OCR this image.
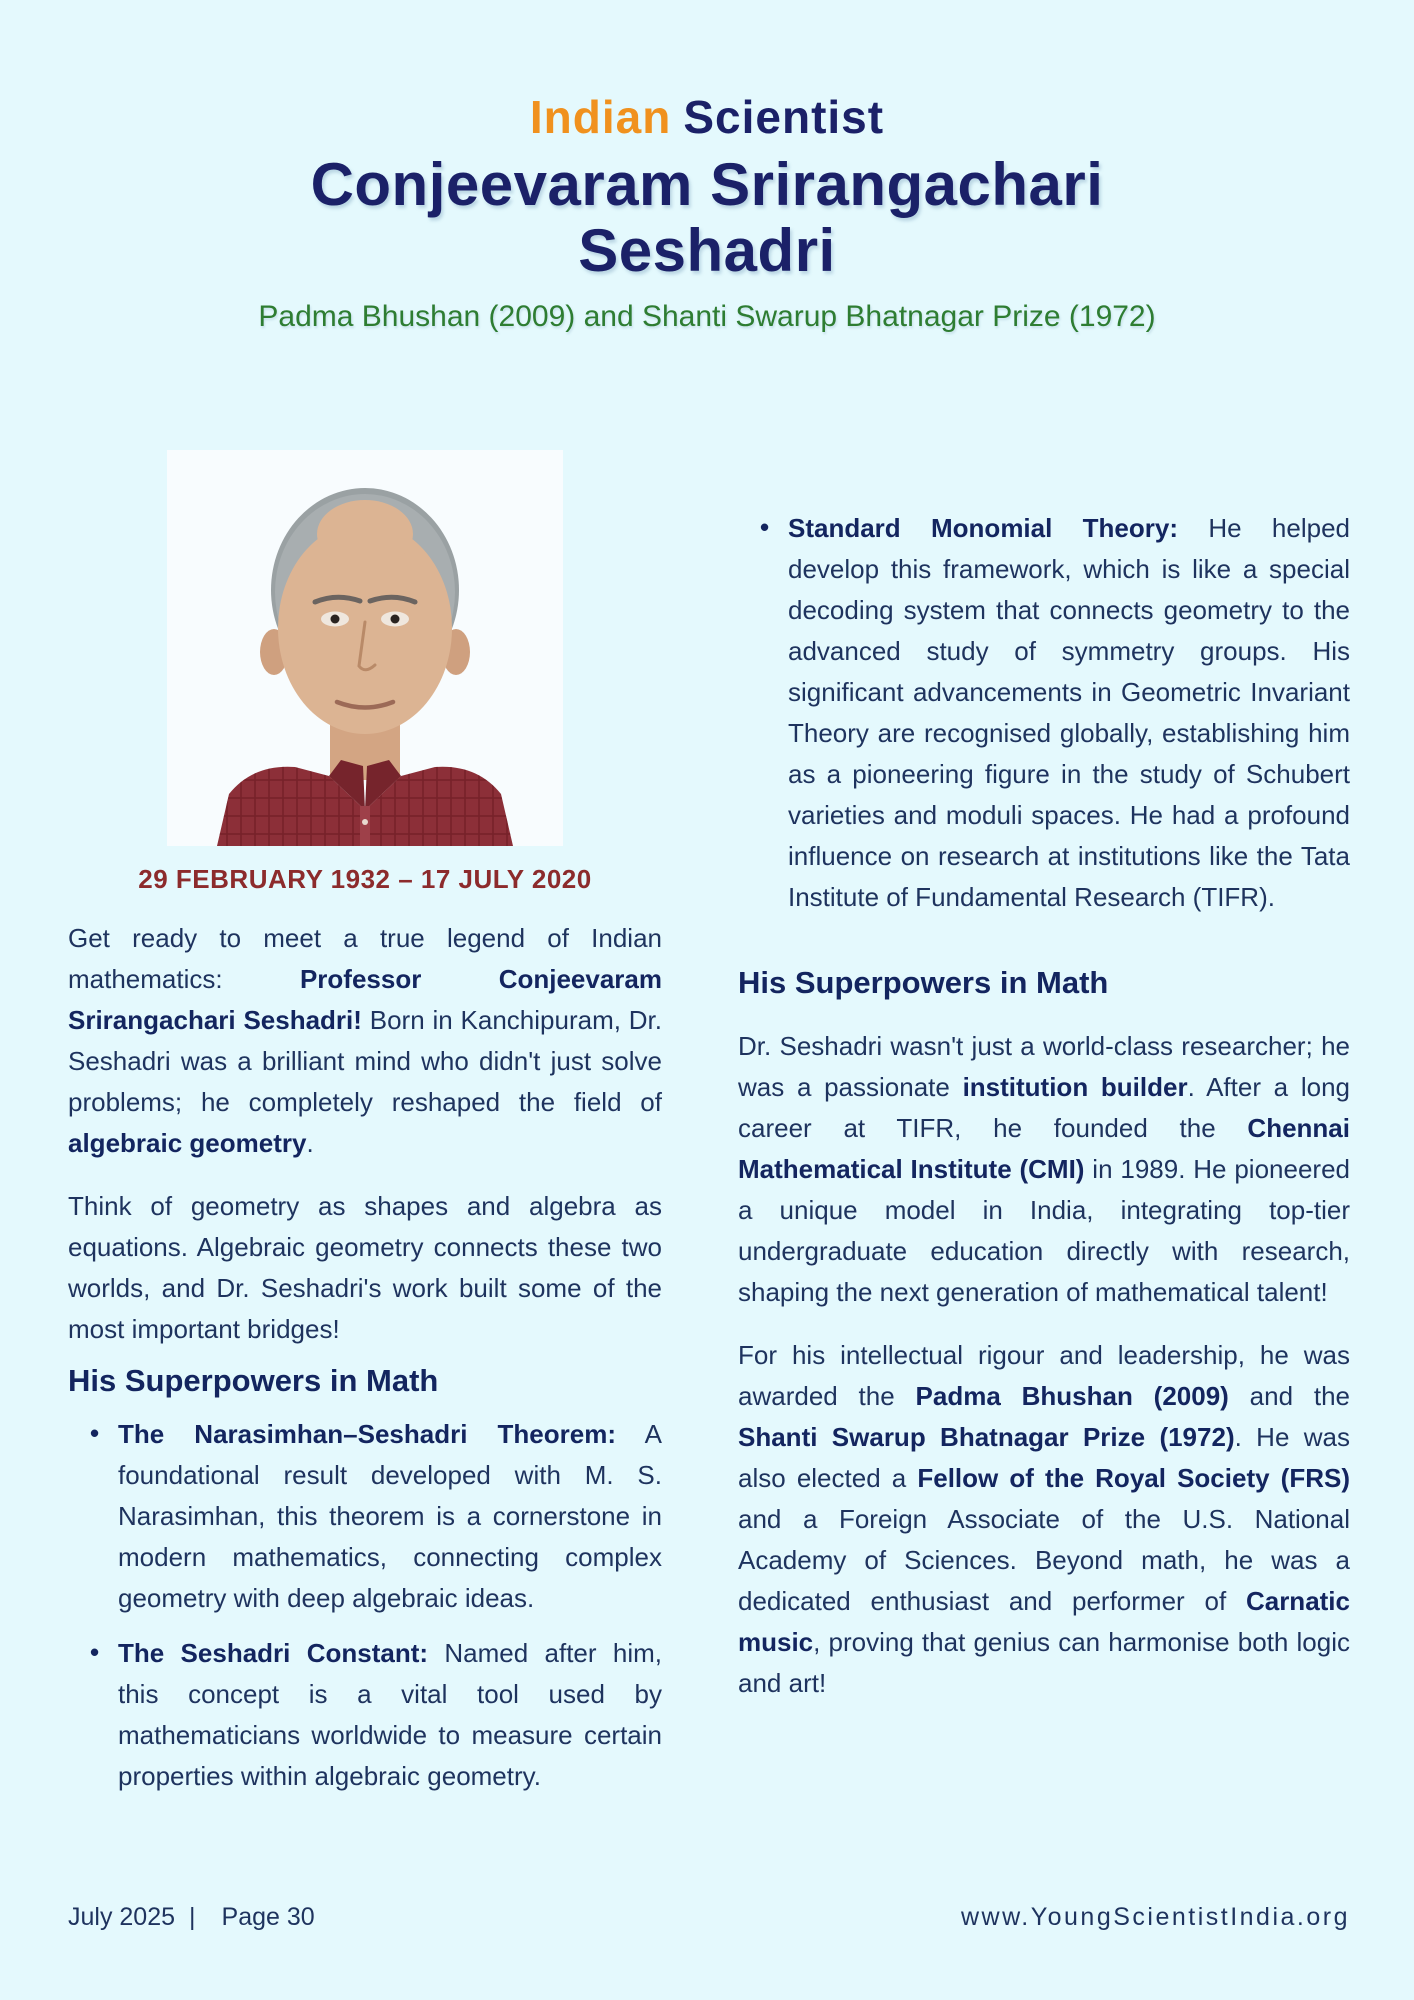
Indian Scientist
Conjeevaram Srirangachari
Seshadri
Padma Bhushan (2009) and Shanti Swarup Bhatnagar Prize (1972)
29 FEBRUARY 1932 – 17 JULY 2020

Get ready to meet a true legend of Indian mathematics: Professor Conjeevaram Srirangachari Seshadri! Born in Kanchipuram, Dr. Seshadri was a brilliant mind who didn't just solve problems; he completely reshaped the field of algebraic geometry.

Think of geometry as shapes and algebra as equations. Algebraic geometry connects these two worlds, and Dr. Seshadri's work built some of the most important bridges!

His Superpowers in Math
• The Narasimhan–Seshadri Theorem: A foundational result developed with M. S. Narasimhan, this theorem is a cornerstone in modern mathematics, connecting complex geometry with deep algebraic ideas.
• The Seshadri Constant: Named after him, this concept is a vital tool used by mathematicians worldwide to measure certain properties within algebraic geometry.
• Standard Monomial Theory: He helped develop this framework, which is like a special decoding system that connects geometry to the advanced study of symmetry groups. His significant advancements in Geometric Invariant Theory are recognised globally, establishing him as a pioneering figure in the study of Schubert varieties and moduli spaces. He had a profound influence on research at institutions like the Tata Institute of Fundamental Research (TIFR).
His Superpowers in Math

Dr. Seshadri wasn't just a world-class researcher; he was a passionate institution builder. After a long career at TIFR, he founded the Chennai Mathematical Institute (CMI) in 1989. He pioneered a unique model in India, integrating top-tier undergraduate education directly with research, shaping the next generation of mathematical talent!

For his intellectual rigour and leadership, he was awarded the Padma Bhushan (2009) and the Shanti Swarup Bhatnagar Prize (1972). He was also elected a Fellow of the Royal Society (FRS) and a Foreign Associate of the U.S. National Academy of Sciences. Beyond math, he was a dedicated enthusiast and performer of Carnatic music, proving that genius can harmonise both logic and art!

July 2025 | Page 30	www.YoungScientistIndia.org
